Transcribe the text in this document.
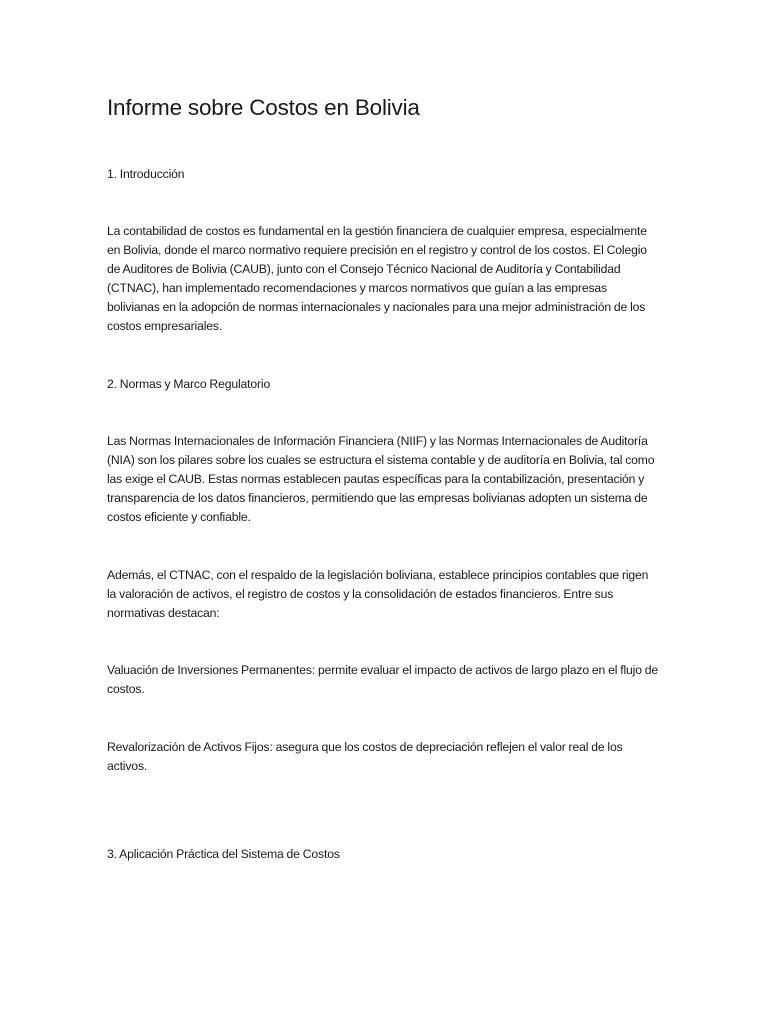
Informe sobre Costos en Bolivia

1. Introducción

La contabilidad de costos es fundamental en la gestión financiera de cualquier empresa, especialmente en Bolivia, donde el marco normativo requiere precisión en el registro y control de los costos. El Colegio de Auditores de Bolivia (CAUB), junto con el Consejo Técnico Nacional de Auditoría y Contabilidad (CTNAC), han implementado recomendaciones y marcos normativos que guían a las empresas bolivianas en la adopción de normas internacionales y nacionales para una mejor administración de los costos empresariales.

2. Normas y Marco Regulatorio

Las Normas Internacionales de Información Financiera (NIIF) y las Normas Internacionales de Auditoría (NIA) son los pilares sobre los cuales se estructura el sistema contable y de auditoría en Bolivia, tal como las exige el CAUB. Estas normas establecen pautas específicas para la contabilización, presentación y transparencia de los datos financieros, permitiendo que las empresas bolivianas adopten un sistema de costos eficiente y confiable.

Además, el CTNAC, con el respaldo de la legislación boliviana, establece principios contables que rigen la valoración de activos, el registro de costos y la consolidación de estados financieros. Entre sus normativas destacan:

Valuación de Inversiones Permanentes: permite evaluar el impacto de activos de largo plazo en el flujo de costos.

Revalorización de Activos Fijos: asegura que los costos de depreciación reflejen el valor real de los activos.

3. Aplicación Práctica del Sistema de Costos
